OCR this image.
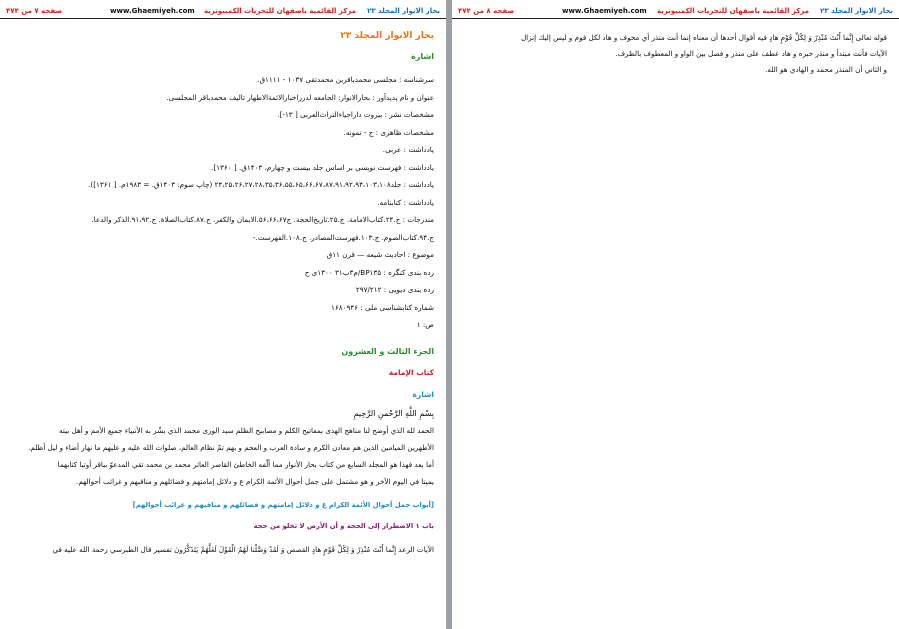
بحار الانوار المجلد ۲۳
مركز القائمية باصفهان للتحريات الكمبيوترية
www.Ghaemiyeh.com
صفحه ۷ من ۴۷۴
بحار الانوار المجلد ۲۳
اشارة
سرشناسه : مجلسی محمدباقربن محمدتقی ۱۰۳۷ - ۱۱۱۱ق.
عنوان و نام پدیدآور : بحارالانوار: الجامعه لدرراخبارالائمةالاطهار تالیف محمدباقر المجلسی.
مشخصات نشر : بیروت داراحیاءالتراث‌العربی [ ۱۳-].
مشخصات ظاهری : ج - نمونه.
یادداشت : عربی.
یادداشت : فهرست نویسی بر اساس جلد بیست و چهارم، ۱۴۰۳ق. [ ۱۳۶۰].
یادداشت : جلد۲۴،۲۵،۲۶،۲۷،۲۸،۳۵،۳۶،۵۵،۶۵،۶۶،۶۷،۸۷،۹۱،۹۲،۹۴،۱۰۳،۱۰۸ (چاپ سوم: ۱۴۰۳ق. = ۱۹۸۳م. [ ۱۳۶۱]).
یادداشت : کتابنامه.
مندرجات : ج.۲۴.کتاب‌الامامة. ج.۲۵.تاریخ‌الحجة. ج۵۶،۶۶،۶۷.الایمان والکفر. ج.۸۷.کتاب‌الصلاة. ج.۹۱،۹۲.الذکر والدعا.
ج.۹۴.کتاب‌الصوم. ج.۱۰۳.فهرست‌المصادر. ج.۱۰۸.الفهرست.-
موضوع : احادیث شیعه — قرن ۱۱ق
رده بندی کنگره : BP۱۳۵/م۳ب۳۱ ۱۳۰۰ی ح
رده بندی دیویی : ۲۹۷/۲۱۲
شماره کتابشناسی ملی : ۱۶۸۰۹۴۶
ص: ۱
الجزء الثالث و العشرون
كتاب الإمامة
اشارة
بِسْمِ اللَّهِ الرَّحْمنِ الرَّحِيمِ
الحمد لله الذي أوضح لنا مناهج الهدى بمفاتيح الكلم و مصابيح الظلم سيد الورى محمد الذي بشّر به الأنبياء جميع الأمم و أهل بيته
الأطهرين الميامين الذين هم معادن الكرم و سادة العرب و العجم و بهم تمّ نظام العالم، صلوات الله عليه و عليهم ما نهار أضاء و ليل أظلم.
أما بعد فهذا هو المجلد السابع من كتاب بحار الأنوار مما ألّفه الخاطئ القاصر العاثر محمد بن محمد تقي المدعوّ بباقر أوتيا كتابهما
يمينا في اليوم الآخر و هو مشتمل على جمل أحوال الأئمة الكرام ع و دلائل إمامتهم و فضائلهم و مناقبهم و غرائب أحوالهم.
[أبواب جمل أحوال الأئمة الكرام ع و دلائل إمامتهم و فضائلهم و مناقبهم و غرائب أحوالهم]
باب ۱ الاضطرار إلى الحجة و أن الأرض لا تخلو من حجة
الآيات الرعد إِنَّما أَنْتَ مُنْذِرٌ وَ لِكُلِّ قَوْمٍ هادٍ القصص وَ لَقَدْ وَصَّلْنا لَهُمُ الْقَوْلَ لَعَلَّهُمْ يَتَذَكَّرُونَ تفسير قال الطبرسي رحمة الله عليه في
بحار الانوار المجلد ۲۳
مركز القائمية باصفهان للتحريات الكمبيوترية
www.Ghaemiyeh.com
صفحه ۸ من ۴۷۴
قوله تعالى إِنَّما أَنْتَ مُنْذِرٌ وَ لِكُلِّ قَوْمٍ هادٍ فيه أقوال أحدها أن معناه إنما أنت منذر أي مخوف و هاد لكل قوم و ليس إليك إنزال
الآيات فأنت مبتدأ و منذر خبره و هاد عطف على منذر و فصل بين الواو و المعطوف بالظرف.
و الثاني أن المنذر محمد و الهادي هو الله.
